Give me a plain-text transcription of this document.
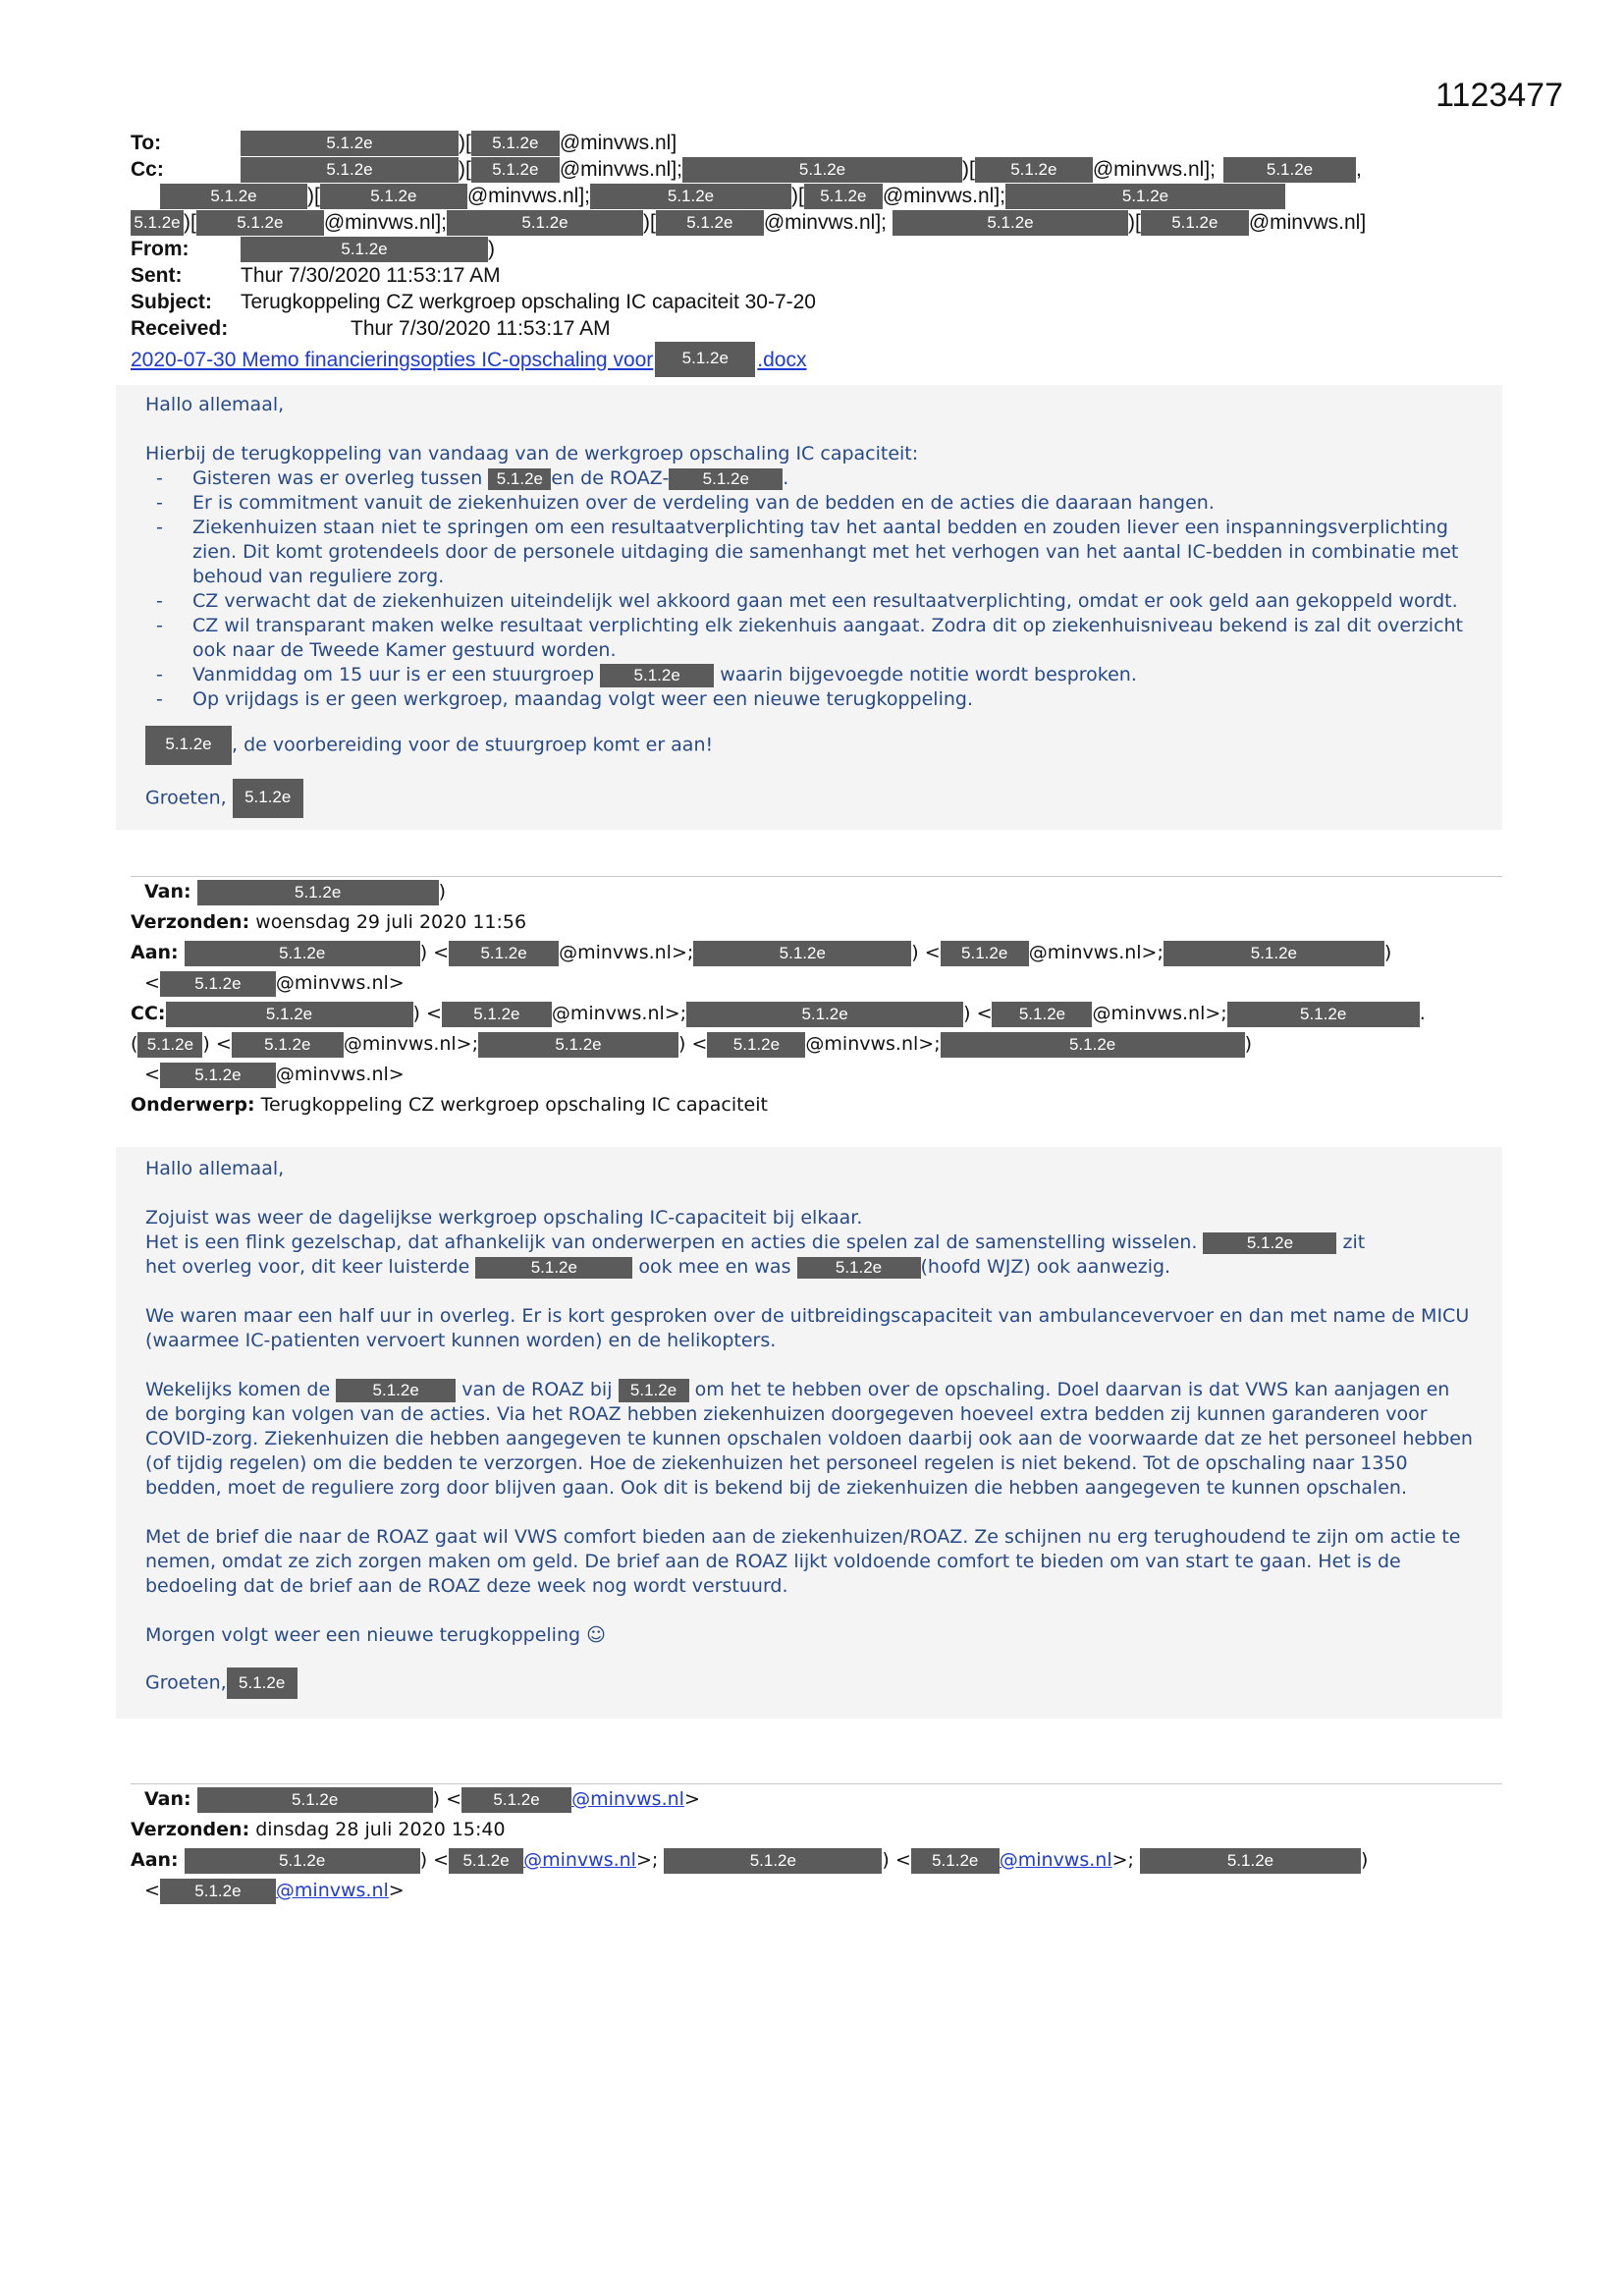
1123477
To:	5.1.2e	)[	5.1.2e	@minvws.nl]
Cc:	5.1.2e	)[	5.1.2e	@minvws.nl];	5.1.2e	)[	5.1.2e	@minvws.nl];	5.1.2e	,
5.1.2e	)[	5.1.2e	@minvws.nl];	5.1.2e	)[ 5.1.2e @minvws.nl];	5.1.2e
5.1.2e )[	5.1.2e	@minvws.nl];	5.1.2e	)[	5.1.2e	@minvws.nl];	5.1.2e	)[	5.1.2e	@minvws.nl]
From:	5.1.2e	)
Sent:	Thur 7/30/2020 11:53:17 AM
Subject:	Terugkoppeling CZ werkgroep opschaling IC capaciteit 30-7-20
Received:	Thur 7/30/2020 11:53:17 AM
2020-07-30 Memo financieringsopties IC-opschaling voor	5.1.2e	.docx

Hallo allemaal,

Hierbij de terugkoppeling van vandaag van de werkgroep opschaling IC capaciteit:

- Gisteren was er overleg tussen 5.1.2e en de ROAZ- 5.1.2e .
- Er is commitment vanuit de ziekenhuizen over de verdeling van de bedden en de acties die daaraan hangen.
- Ziekenhuizen staan niet te springen om een resultaatverplichting tav het aantal bedden en zouden liever een inspanningsverplichting zien. Dit komt grotendeels door de personele uitdaging die samenhangt met het verhogen van het aantal IC-bedden in combinatie met behoud van reguliere zorg.
- CZ verwacht dat de ziekenhuizen uiteindelijk wel akkoord gaan met een resultaatverplichting, omdat er ook geld aan gekoppeld wordt.
- CZ wil transparant maken welke resultaat verplichting elk ziekenhuis aangaat. Zodra dit op ziekenhuisniveau bekend is zal dit overzicht ook naar de Tweede Kamer gestuurd worden.
- Vanmiddag om 15 uur is er een stuurgroep 5.1.2e waarin bijgevoegde notitie wordt besproken.
- Op vrijdags is er geen werkgroep, maandag volgt weer een nieuwe terugkoppeling.

5.1.2e , de voorbereiding voor de stuurgroep komt er aan!

Groeten, 5.1.2e

Van:
	5.1.2e	)
Verzonden:
woensdag 29 juli 2020 11:56
Aan:
	5.1.2e	)
<	5.1.2e	@minvws.nl>;	5.1.2e	)
<	5.1.2e	@minvws.nl>;	5.1.2e	)
<	5.1.2e	@minvws.nl>
CC:	5.1.2e	)
<	5.1.2e	@minvws.nl>;	5.1.2e	)
<	5.1.2e	@minvws.nl>;	5.1.2e	.
( 5.1.2e )
<	5.1.2e	@minvws.nl>;	5.1.2e	)
<	5.1.2e	@minvws.nl>;	5.1.2e	)
<	5.1.2e	@minvws.nl>
Onderwerp:
Terugkoppeling CZ werkgroep opschaling IC capaciteit

Hallo allemaal,

Zojuist was weer de dagelijkse werkgroep opschaling IC-capaciteit bij elkaar.
Het is een flink gezelschap, dat afhankelijk van onderwerpen en acties die spelen zal de samenstelling wisselen.	5.1.2e	zit
het overleg voor, dit keer luisterde	5.1.2e	ook mee en was	5.1.2e (hoofd WJZ) ook aanwezig.

We waren maar een half uur in overleg. Er is kort gesproken over de uitbreidingscapaciteit van ambulancevervoer en dan met name de MICU (waarmee IC-patienten vervoert kunnen worden) en de helikopters.

Wekelijks komen de	5.1.2e van de ROAZ bij 5.1.2e om het te hebben over de opschaling. Doel daarvan is dat VWS kan aanjagen en de borging kan volgen van de acties. Via het ROAZ hebben ziekenhuizen doorgegeven hoeveel extra bedden zij kunnen garanderen voor COVID-zorg. Ziekenhuizen die hebben aangegeven te kunnen opschalen voldoen daarbij ook aan de voorwaarde dat ze het personeel hebben (of tijdig regelen) om die bedden te verzorgen. Hoe de ziekenhuizen het personeel regelen is niet bekend. Tot de opschaling naar 1350 bedden, moet de reguliere zorg door blijven gaan. Ook dit is bekend bij de ziekenhuizen die hebben aangegeven te kunnen opschalen.

Met de brief die naar de ROAZ gaat wil VWS comfort bieden aan de ziekenhuizen/ROAZ. Ze schijnen nu erg terughoudend te zijn om actie te nemen, omdat ze zich zorgen maken om geld. De brief aan de ROAZ lijkt voldoende comfort te bieden om van start te gaan. Het is de bedoeling dat de brief aan de ROAZ deze week nog wordt verstuurd.

Morgen volgt weer een nieuwe terugkoppeling ☺

Groeten, 5.1.2e

Van:
	5.1.2e	)
<	5.1.2e	@minvws.nl >
Verzonden:
dinsdag 28 juli 2020 15:40
Aan:
	5.1.2e	)
< 5.1.2e @minvws.nl >;
	5.1.2e	)
<	5.1.2e	@minvws.nl >;
	5.1.2e	)
<	5.1.2e	@minvws.nl >
